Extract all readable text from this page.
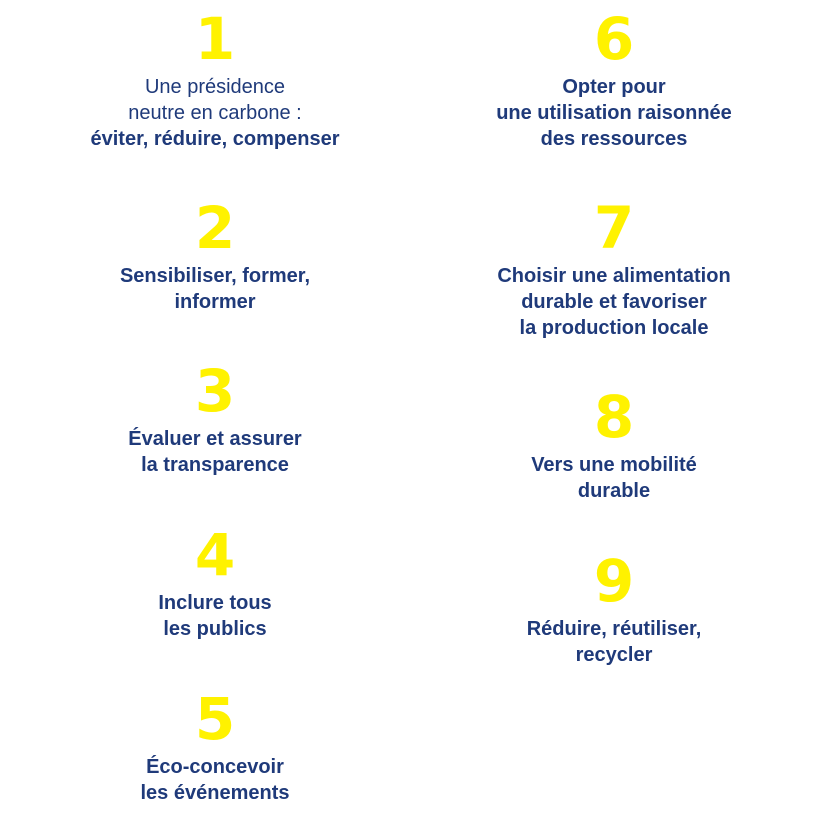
1
Une présidence
neutre en carbone :
éviter, réduire, compenser
2
Sensibiliser, former,
informer
3
Évaluer et assurer
la transparence
4
Inclure tous
les publics
5
Éco-concevoir
les événements
6
Opter pour
une utilisation raisonnée
des ressources
7
Choisir une alimentation
durable et favoriser
la production locale
8
Vers une mobilité
durable
9
Réduire, réutiliser,
recycler
